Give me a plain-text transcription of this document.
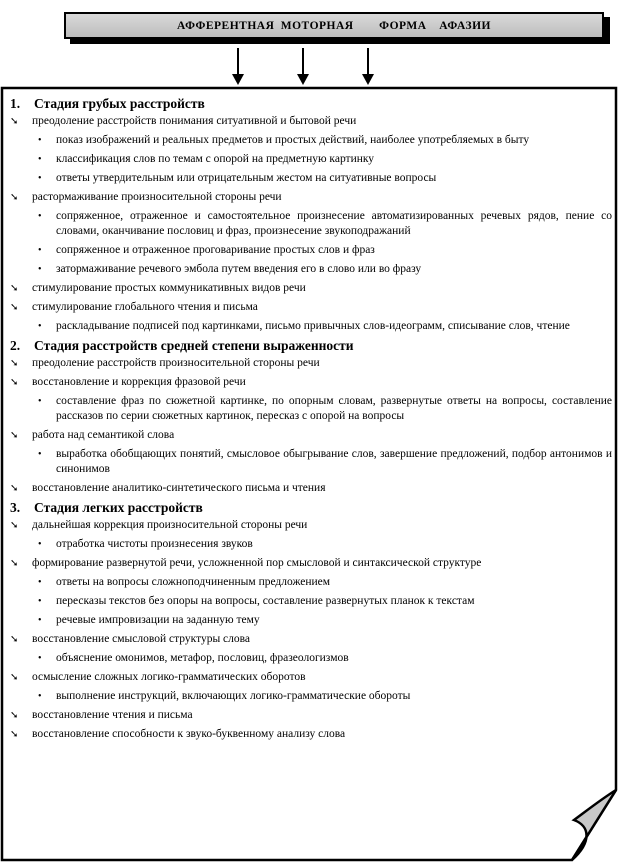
АФФЕРЕНТНАЯ МОТОРНАЯ    ФОРМА  АФАЗИИ
1.	Стадия грубых расстройств
➘	преодоление расстройств понимания ситуативной и бытовой речи
•	показ изображений и реальных предметов и простых действий, наиболее употребляемых в быту
•	классификация слов по темам с опорой на предметную картинку
•	ответы утвердительным или отрицательным жестом на ситуативные вопросы
➘	растормаживание произносительной стороны речи
•	сопряженное, отраженное и самостоятельное произнесение автоматизированных речевых рядов, пение со словами, оканчивание пословиц и фраз, произнесение звукоподражаний
•	сопряженное и отраженное проговаривание простых слов и фраз
•	затормаживание речевого эмбола путем введения его в слово или во фразу
➘	стимулирование простых коммуникативных видов речи
➘	стимулирование глобального чтения и письма
•	раскладывание подписей под картинками, письмо привычных слов-идеограмм, списывание слов, чтение
2.	Стадия расстройств средней степени выраженности
➘	преодоление расстройств произносительной стороны речи
➘	восстановление и коррекция фразовой речи
•	составление фраз по сюжетной картинке, по опорным словам, развернутые ответы на вопросы, составление рассказов по серии сюжетных картинок, пересказ с опорой на вопросы
➘	работа над семантикой слова
•	выработка обобщающих понятий, смысловое обыгрывание слов, завершение предложений, подбор антонимов и синонимов
➘	восстановление аналитико-синтетического письма и чтения
3.	Стадия легких расстройств
➘	дальнейшая коррекция произносительной стороны речи
•	отработка чистоты произнесения звуков
➘	формирование развернутой речи, усложненной пор смысловой и синтаксической структуре
•	ответы на вопросы сложноподчиненным предложением
•	пересказы текстов без опоры на вопросы, составление развернутых планок к текстам
•	речевые импровизации на заданную тему
➘	восстановление смысловой структуры слова
•	объяснение омонимов, метафор, пословиц, фразеологизмов
➘	осмысление сложных логико-грамматических оборотов
•	выполнение инструкций, включающих логико-грамматические обороты
➘	восстановление чтения и письма
➘	восстановление способности к звуко-буквенному анализу слова
